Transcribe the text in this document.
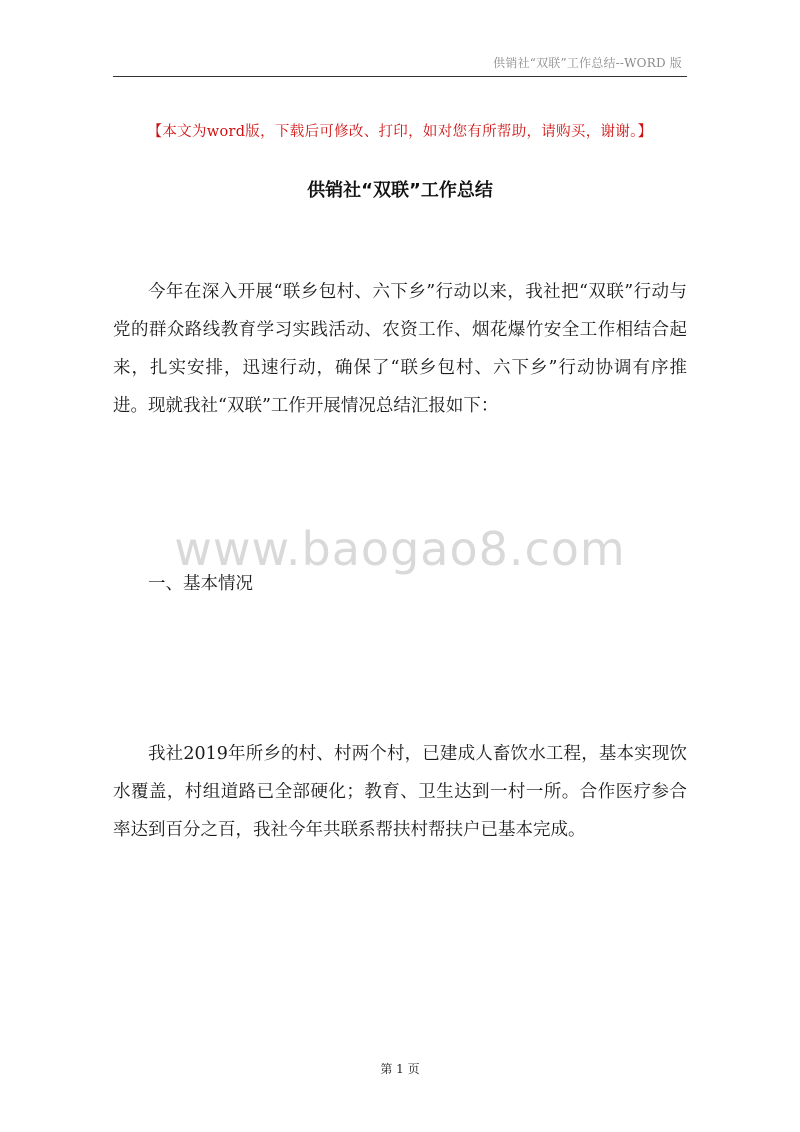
供销社“双联”工作总结--WORD 版
【本文为word版，下载后可修改、打印，如对您有所帮助，请购买，谢谢。】
供销社“双联”工作总结
今年在深入开展“联乡包村、六下乡”行动以来，我社把“双联”行动与党的群众路线教育学习实践活动、农资工作、烟花爆竹安全工作相结合起来，扎实安排，迅速行动，确保了“联乡包村、六下乡”行动协调有序推进。现就我社“双联”工作开展情况总结汇报如下：
www.baogao8.com
一、基本情况
我社2019年所乡的村、村两个村，已建成人畜饮水工程，基本实现饮水覆盖，村组道路已全部硬化；教育、卫生达到一村一所。合作医疗参合率达到百分之百，我社今年共联系帮扶村帮扶户已基本完成。
第 1 页
